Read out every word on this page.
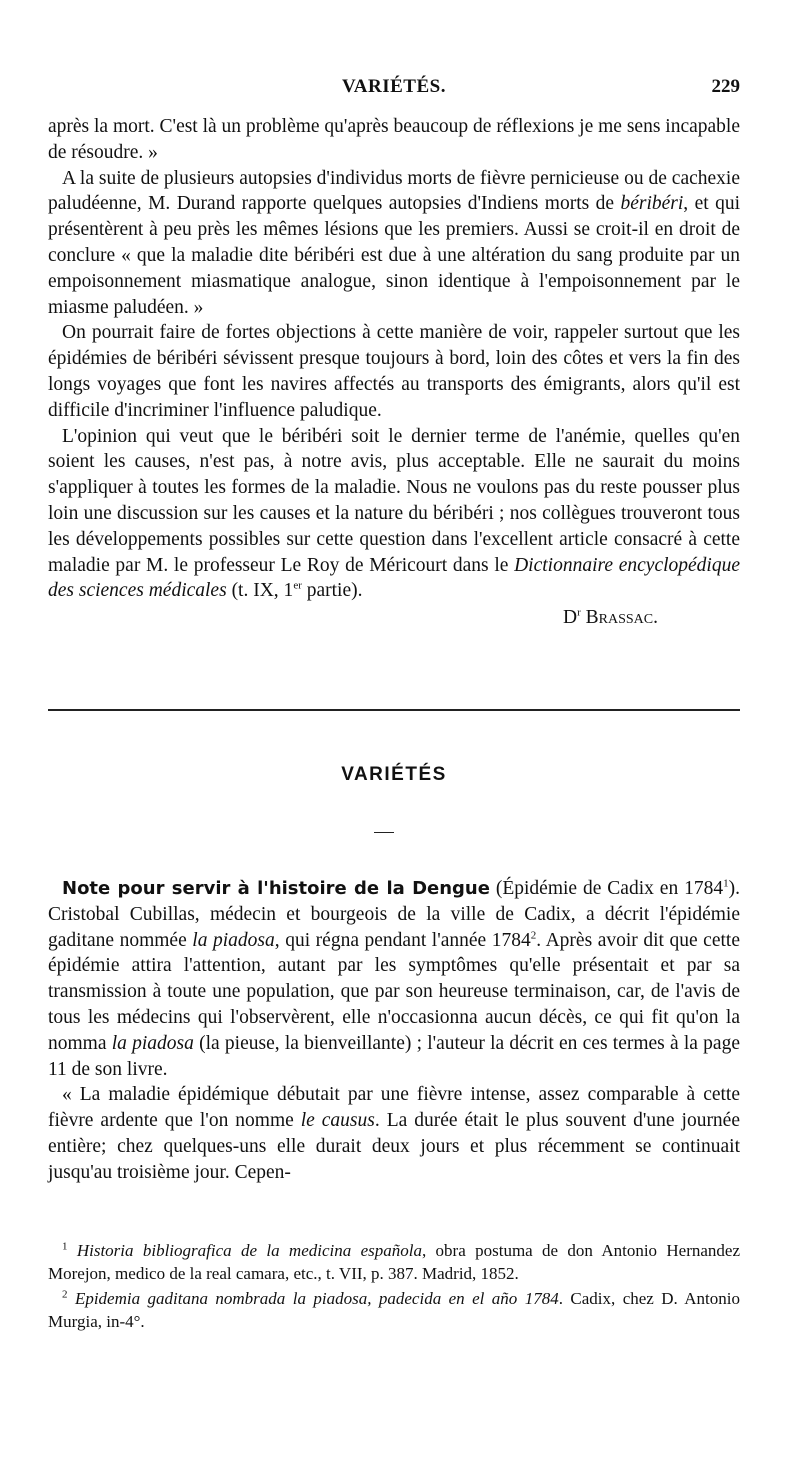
VARIÉTÉS.	229

après la mort. C'est là un problème qu'après beaucoup de réflexions je me sens incapable de résoudre. »

A la suite de plusieurs autopsies d'individus morts de fièvre pernicieuse ou de cachexie paludéenne, M. Durand rapporte quelques autopsies d'Indiens morts de béribéri, et qui présentèrent à peu près les mêmes lésions que les premiers. Aussi se croit-il en droit de conclure « que la maladie dite béribéri est due à une altération du sang produite par un empoisonnement miasmatique analogue, sinon identique à l'empoisonnement par le miasme paludéen. »

On pourrait faire de fortes objections à cette manière de voir, rappeler surtout que les épidémies de béribéri sévissent presque toujours à bord, loin des côtes et vers la fin des longs voyages que font les navires affectés au transports des émigrants, alors qu'il est difficile d'incriminer l'influence paludique.

L'opinion qui veut que le béribéri soit le dernier terme de l'anémie, quelles qu'en soient les causes, n'est pas, à notre avis, plus acceptable. Elle ne saurait du moins s'appliquer à toutes les formes de la maladie. Nous ne voulons pas du reste pousser plus loin une discussion sur les causes et la nature du béribéri ; nos collègues trouveront tous les développements possibles sur cette question dans l'excellent article consacré à cette maladie par M. le professeur Le Roy de Méricourt dans le Dictionnaire encyclopédique des sciences médicales (t. IX, 1er partie).

$D^r$ Brassac.

VARIÉTÉS

Note pour servir à l'histoire de la Dengue (Épidémie de Cadix en 1784$^1$). Cristobal Cubillas, médecin et bourgeois de la ville de Cadix, a décrit l'épidémie gaditane nommée la piadosa, qui régna pendant l'année 1784$^2$. Après avoir dit que cette épidémie attira l'attention, autant par les symptômes qu'elle présentait et par sa transmission à toute une population, que par son heureuse terminaison, car, de l'avis de tous les médecins qui l'observèrent, elle n'occasionna aucun décès, ce qui fit qu'on la nomma la piadosa (la pieuse, la bienveillante) ; l'auteur la décrit en ces termes à la page 11 de son livre.

« La maladie épidémique débutait par une fièvre intense, assez comparable à cette fièvre ardente que l'on nomme le causus. La durée était le plus souvent d'une journée entière; chez quelques-uns elle durait deux jours et plus récemment se continuait jusqu'au troisième jour. Cepen-

$^1$ Historia bibliografica de la medicina española, obra postuma de don Antonio Hernandez Morejon, medico de la real camara, etc., t. VII, p. 387. Madrid, 1852.

$^2$ Epidemia gaditana nombrada la piadosa, padecida en el año 1784. Cadix, chez D. Antonio Murgia, in-4°.
